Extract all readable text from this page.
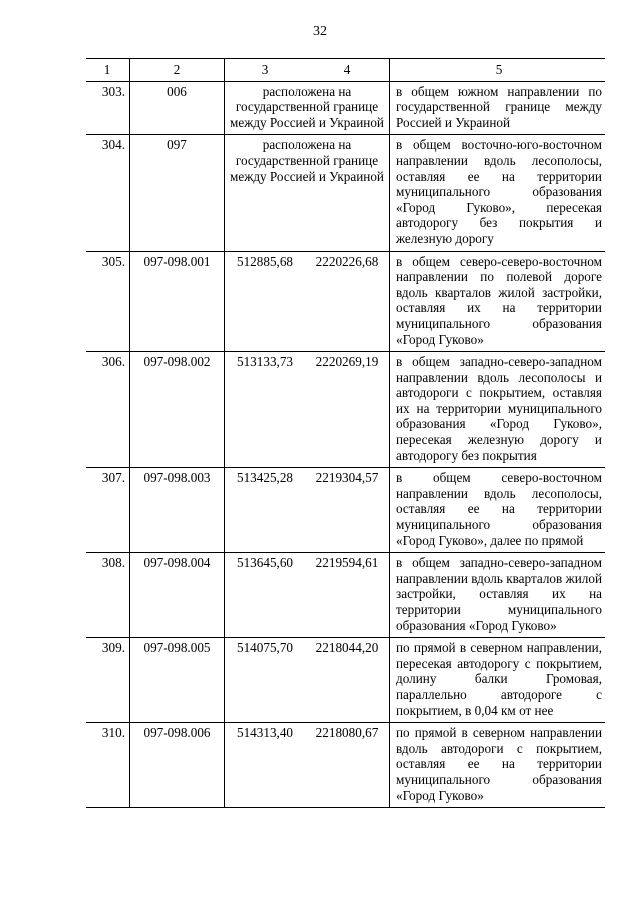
32
1	2	3	4	5
303.	006	расположена на государственной границе между Россией и Украиной		в общем южном направлении по государственной границе между Россией и Украиной
304.	097	расположена на государственной границе между Россией и Украиной		в общем восточно-юго-восточном направлении вдоль лесополосы, оставляя ее на территории муниципального образования «Город Гуково», пересекая автодорогу без покрытия и железную дорогу
305.	097-098.001	512885,68	2220226,68	в общем северо-северо-восточном направлении по полевой дороге вдоль кварталов жилой застройки, оставляя их на территории муниципального образования «Город Гуково»
306.	097-098.002	513133,73	2220269,19	в общем западно-северо-западном направлении вдоль лесополосы и автодороги с покрытием, оставляя их на территории муниципального образования «Город Гуково», пересекая железную дорогу и автодорогу без покрытия
307.	097-098.003	513425,28	2219304,57	в общем северо-восточном направлении вдоль лесополосы, оставляя ее на территории муниципального образования «Город Гуково», далее по прямой
308.	097-098.004	513645,60	2219594,61	в общем западно-северо-западном направлении вдоль кварталов жилой застройки, оставляя их на территории муниципального образования «Город Гуково»
309.	097-098.005	514075,70	2218044,20	по прямой в северном направлении, пересекая автодорогу с покрытием, долину балки Громовая, параллельно автодороге с покрытием, в 0,04 км от нее
310.	097-098.006	514313,40	2218080,67	по прямой в северном направлении вдоль автодороги с покрытием, оставляя ее на территории муниципального образования «Город Гуково»
